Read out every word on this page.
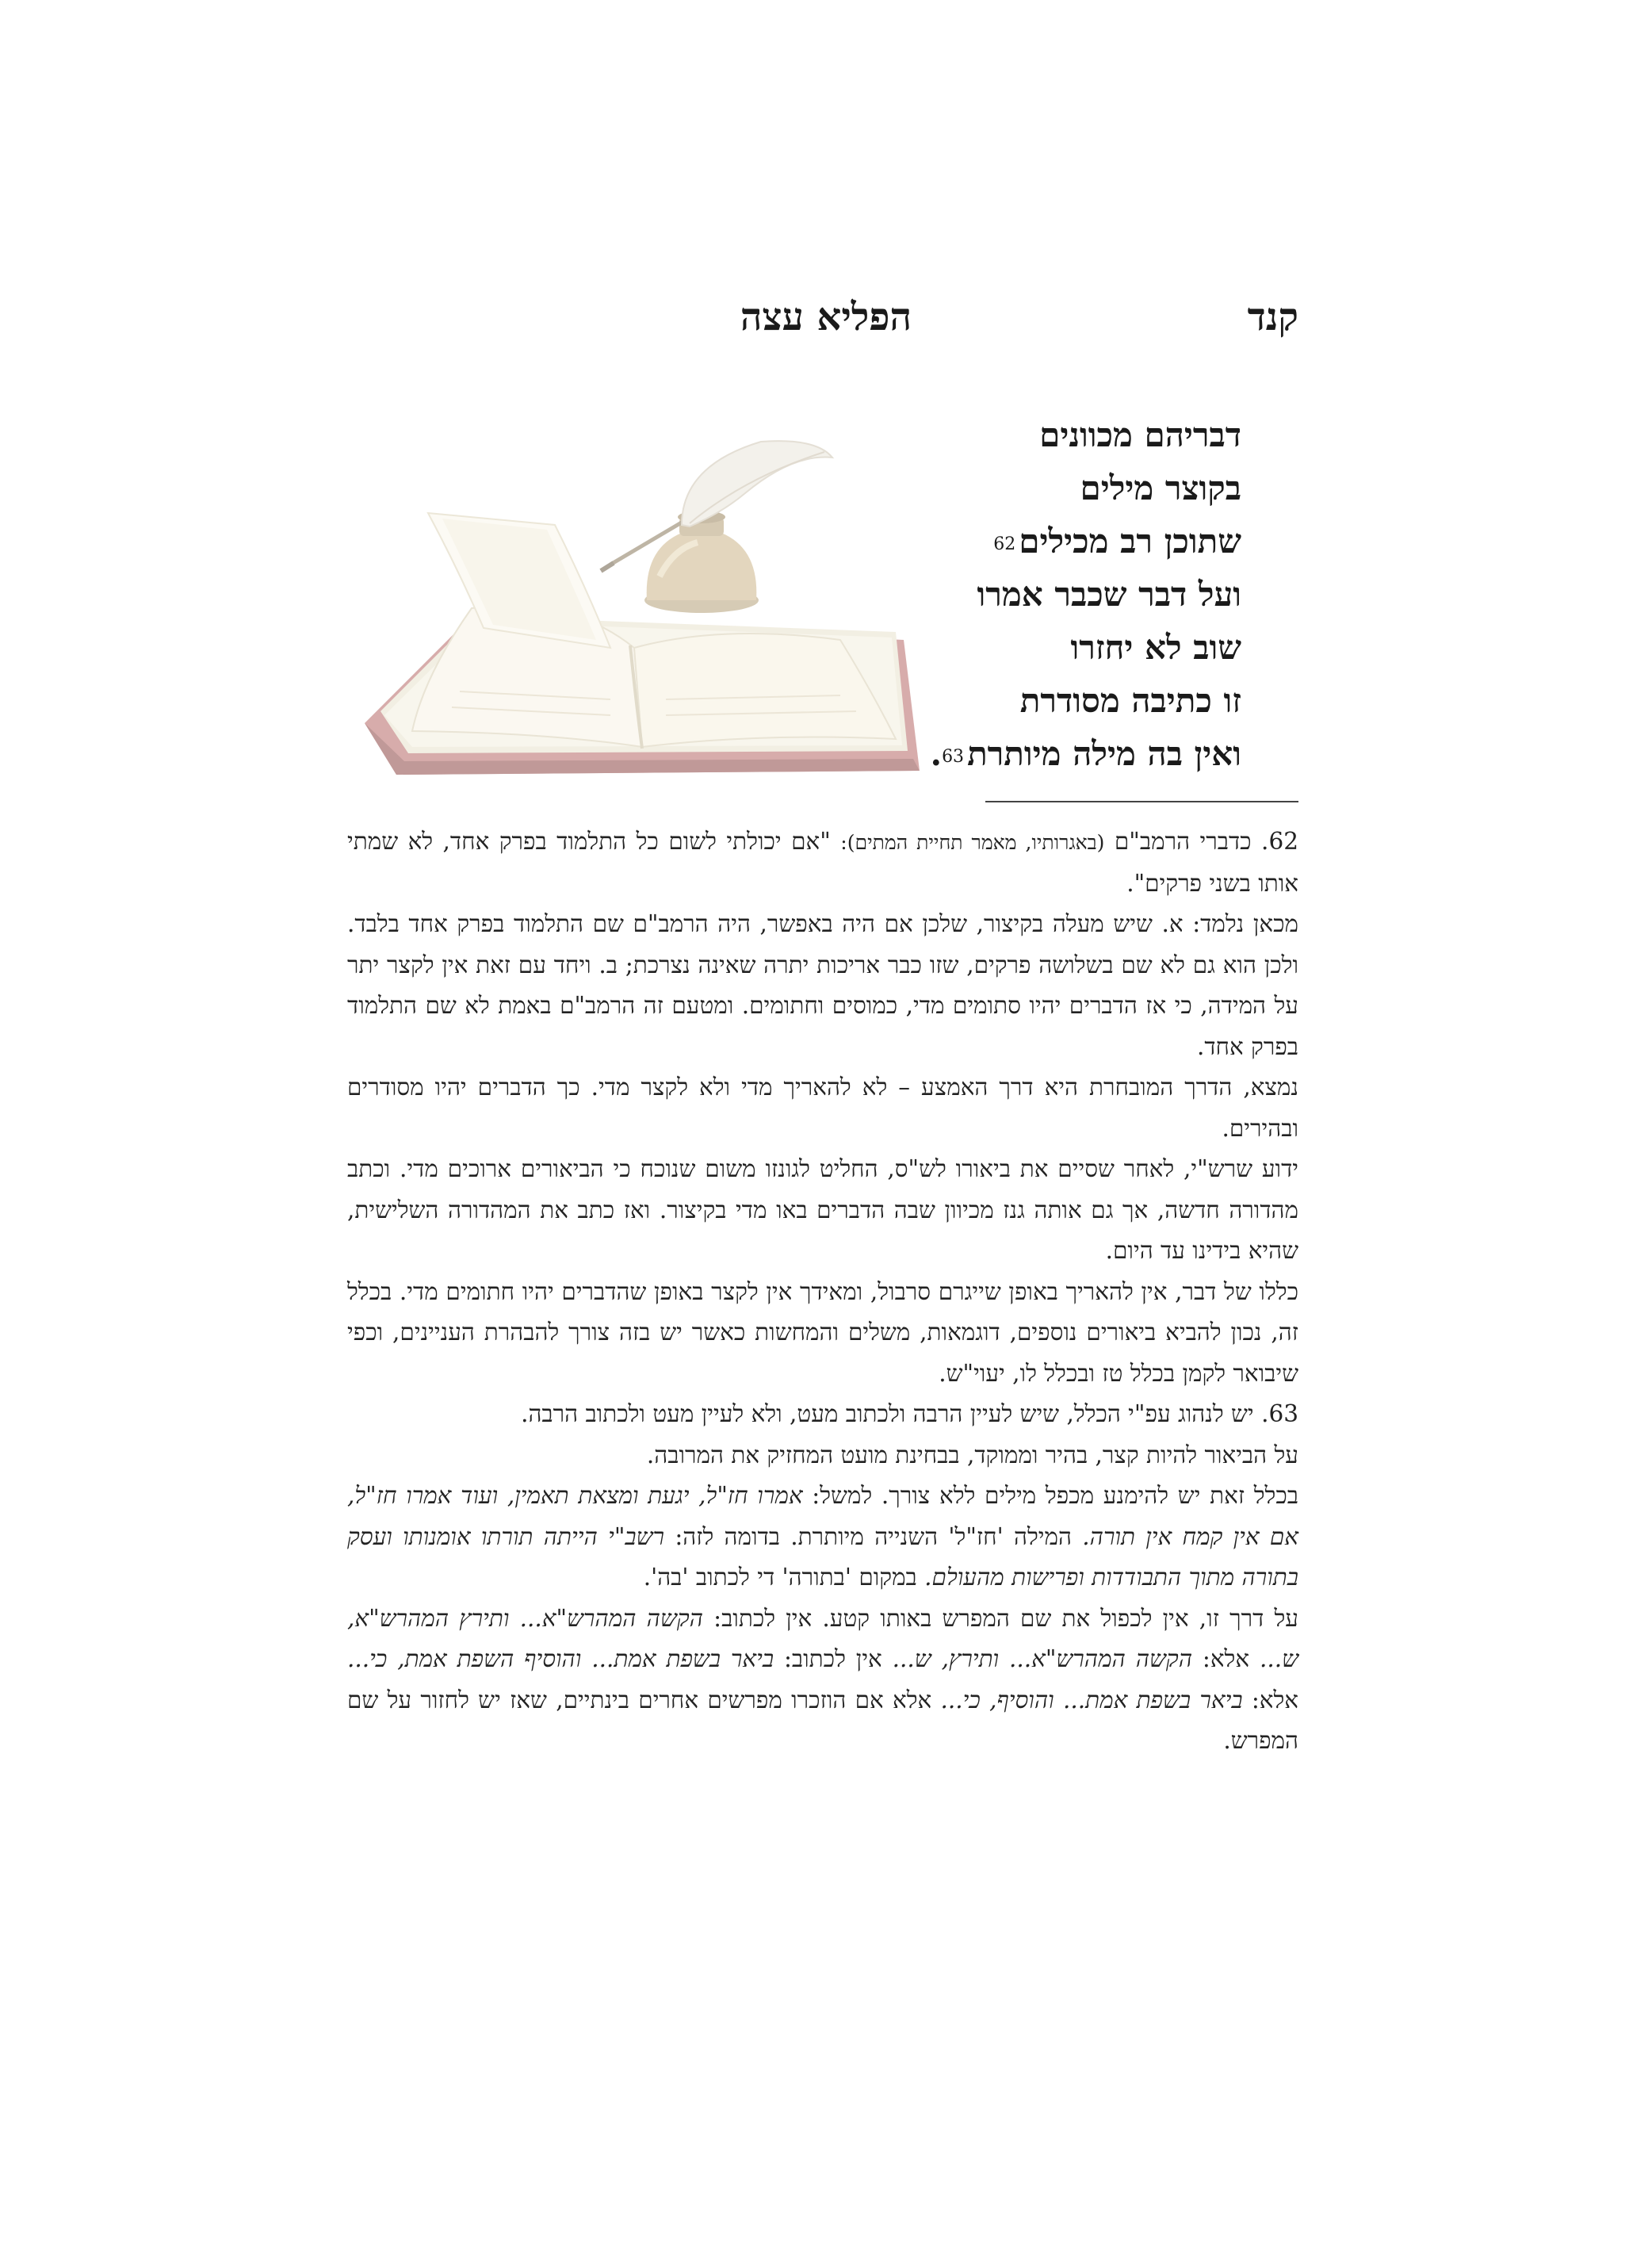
קנד
הפליא עצה
דבריהם מכוונים
בקוצר מילים
שתוכן רב מכילים$^{62}$
ועל דבר שכבר אמרו
שוב לא יחזרו
זו כתיבה מסודרת
ואין בה מילה מיותרת$^{63}$.

62. כדברי הרמב"ם (באגרותיו, מאמר תחיית המתים): "אם יכולתי לשום כל התלמוד בפרק אחד, לא שמתי אותו בשני פרקים".

מכאן נלמד: א. שיש מעלה בקיצור, שלכן אם היה באפשר, היה הרמב"ם שם התלמוד בפרק אחד בלבד. ולכן הוא גם לא שם בשלושה פרקים, שזו כבר אריכות יתרה שאינה נצרכת; ב. ויחד עם זאת אין לקצר יתר על המידה, כי אז הדברים יהיו סתומים מדי, כמוסים וחתומים. ומטעם זה הרמב"ם באמת לא שם התלמוד בפרק אחד.

נמצא, הדרך המובחרת היא דרך האמצע – לא להאריך מדי ולא לקצר מדי. כך הדברים יהיו מסודרים ובהירים.

ידוע שרש"י, לאחר שסיים את ביאורו לש"ס, החליט לגונזו משום שנוכח כי הביאורים ארוכים מדי. וכתב מהדורה חדשה, אך גם אותה גנז מכיוון שבה הדברים באו מדי בקיצור. ואז כתב את המהדורה השלישית, שהיא בידינו עד היום.

כללו של דבר, אין להאריך באופן שייגרם סרבול, ומאידך אין לקצר באופן שהדברים יהיו חתומים מדי. בכלל זה, נכון להביא ביאורים נוספים, דוגמאות, משלים והמחשות כאשר יש בזה צורך להבהרת העניינים, וכפי שיבואר לקמן בכלל טז ובכלל לו, יעוי"ש.

63. יש לנהוג עפ"י הכלל, שיש לעיין הרבה ולכתוב מעט, ולא לעיין מעט ולכתוב הרבה.

על הביאור להיות קצר, בהיר וממוקד, בבחינת מועט המחזיק את המרובה.

בכלל זאת יש להימנע מכפל מילים ללא צורך. למשל: אמרו חז"ל, יגעת ומצאת תאמין, ועוד אמרו חז"ל, אם אין קמח אין תורה. המילה 'חז"ל' השנייה מיותרת. בדומה לזה: רשב"י הייתה תורתו אומנותו ועסק בתורה מתוך התבודדות ופרישות מהעולם. במקום 'בתורה' די לכתוב 'בה'.

על דרך זו, אין לכפול את שם המפרש באותו קטע. אין לכתוב: הקשה המהרש"א... ותירץ המהרש"א, ש... אלא: הקשה המהרש"א... ותירץ, ש... אין לכתוב: ביאר בשפת אמת... והוסיף השפת אמת, כי... אלא: ביאר בשפת אמת... והוסיף, כי... אלא אם הוזכרו מפרשים אחרים בינתיים, שאז יש לחזור על שם המפרש.
